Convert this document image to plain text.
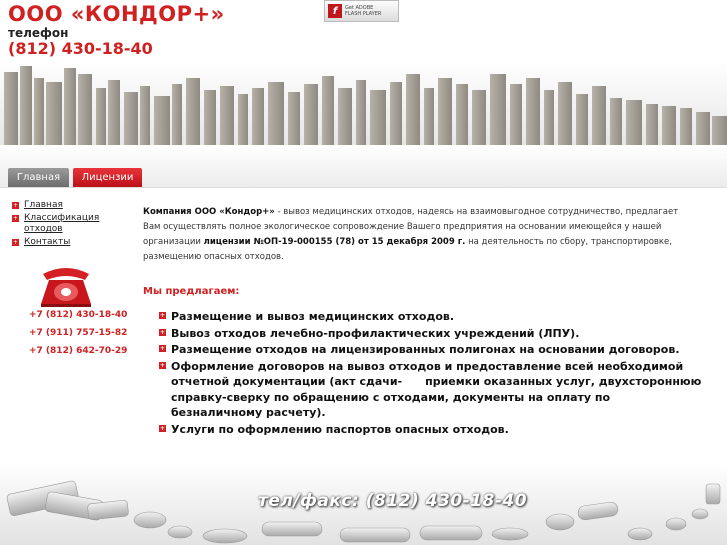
ООО «КОНДОР+»
телефон
(812) 430-18-40
f	Get ADOBE
FLASH PLAYER
Главная	Лицензии
+ Главная
+ Классификация отходов
+ Контакты
+7 (812) 430-18-40
+7 (911) 757-15-82
+7 (812) 642-70-29
Компания ООО «Кондор+» - вывоз медицинских отходов, надеясь на взаимовыгодное сотрудничество, предлагает Вам осуществлять полное экологическое сопровождение Вашего предприятия на основании имеющейся у нашей организации лицензии №ОП-19-000155 (78) от 15 декабря 2009 г. на деятельность по сбору, транспортировке, размещению опасных отходов.
Мы предлагаем:
+ Размещение и вывоз медицинских отходов.
+ Вывоз отходов лечебно-профилактических учреждений (ЛПУ).
+ Размещение отходов на лицензированных полигонах на основании договоров.
+ Оформление договоров на вывоз отходов и предоставление всей необходимой отчетной документации (акт сдачи-      приемки оказанных услуг, двухстороннюю справку-сверку по обращению с отходами, документы на оплату по      безналичному расчету).
+ Услуги по оформлению паспортов опасных отходов.
тел/факс: (812) 430-18-40
